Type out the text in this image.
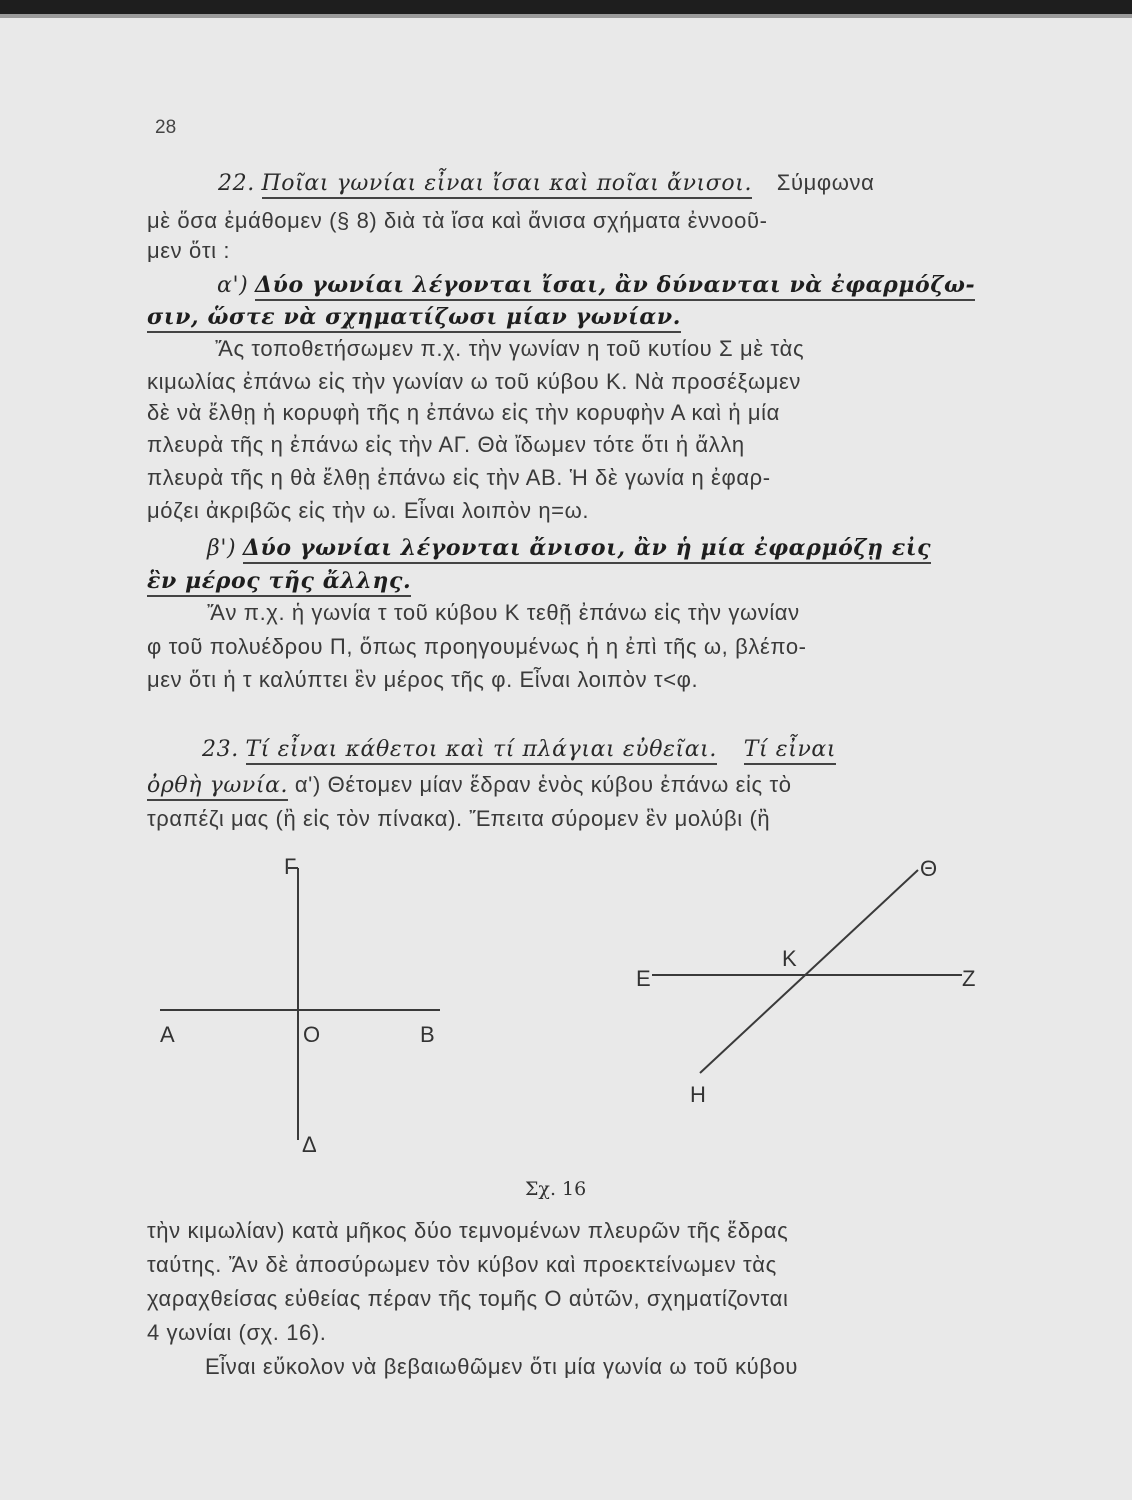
28
22. Ποῖαι γωνίαι εἶναι ἴσαι καὶ ποῖαι ἄνισοι. Σύμφωνα
μὲ ὅσα ἐμάθομεν (§ 8) διὰ τὰ ἴσα καὶ ἄνισα σχήματα ἐννοοῦ-
μεν ὅτι :
α') Δύο γωνίαι λέγονται ἴσαι, ἂν δύνανται νὰ ἐφαρμόζω-
σιν, ὥστε νὰ σχηματίζωσι μίαν γωνίαν.
Ἄς τοποθετήσωμεν π.χ. τὴν γωνίαν η τοῦ κυτίου Σ μὲ τὰς
κιμωλίας ἐπάνω εἰς τὴν γωνίαν ω τοῦ κύβου Κ. Νὰ προσέξωμεν
δὲ νὰ ἔλθῃ ἡ κορυφὴ τῆς η ἐπάνω εἰς τὴν κορυφὴν Α καὶ ἡ μία
πλευρὰ τῆς η ἐπάνω εἰς τὴν ΑΓ. Θὰ ἴδωμεν τότε ὅτι ἡ ἄλλη
πλευρὰ τῆς η θὰ ἔλθῃ ἐπάνω εἰς τὴν ΑΒ. Ἡ δὲ γωνία η ἐφαρ-
μόζει ἀκριβῶς εἰς τὴν ω. Εἶναι λοιπὸν η=ω.
β') Δύο γωνίαι λέγονται ἄνισοι, ἂν ἡ μία ἐφαρμόζῃ εἰς
ἓν μέρος τῆς ἄλλης.
Ἄν π.χ. ἡ γωνία τ τοῦ κύβου Κ τεθῇ ἐπάνω εἰς τὴν γωνίαν
φ τοῦ πολυέδρου Π, ὅπως προηγουμένως ἡ η ἐπὶ τῆς ω, βλέπο-
μεν ὅτι ἡ τ καλύπτει ἓν μέρος τῆς φ. Εἶναι λοιπὸν τ<φ.
23. Τί εἶναι κάθετοι καὶ τί πλάγιαι εὐθεῖαι. Τί εἶναι
ὀρθὴ γωνία. α') Θέτομεν μίαν ἕδραν ἑνὸς κύβου ἐπάνω εἰς τὸ
τραπέζι μας (ἢ εἰς τὸν πίνακα). Ἔπειτα σύρομεν ἓν μολύβι (ἢ
Γ
Α	Ο	Β
Δ
Θ
Ε
Κ
Ζ
Η
Σχ. 16
τὴν κιμωλίαν) κατὰ μῆκος δύο τεμνομένων πλευρῶν τῆς ἕδρας
ταύτης. Ἄν δὲ ἀποσύρωμεν τὸν κύβον καὶ προεκτείνωμεν τὰς
χαραχθείσας εὐθείας πέραν τῆς τομῆς Ο αὐτῶν, σχηματίζονται
4 γωνίαι (σχ. 16).
Εἶναι εὔκολον νὰ βεβαιωθῶμεν ὅτι μία γωνία ω τοῦ κύβου
